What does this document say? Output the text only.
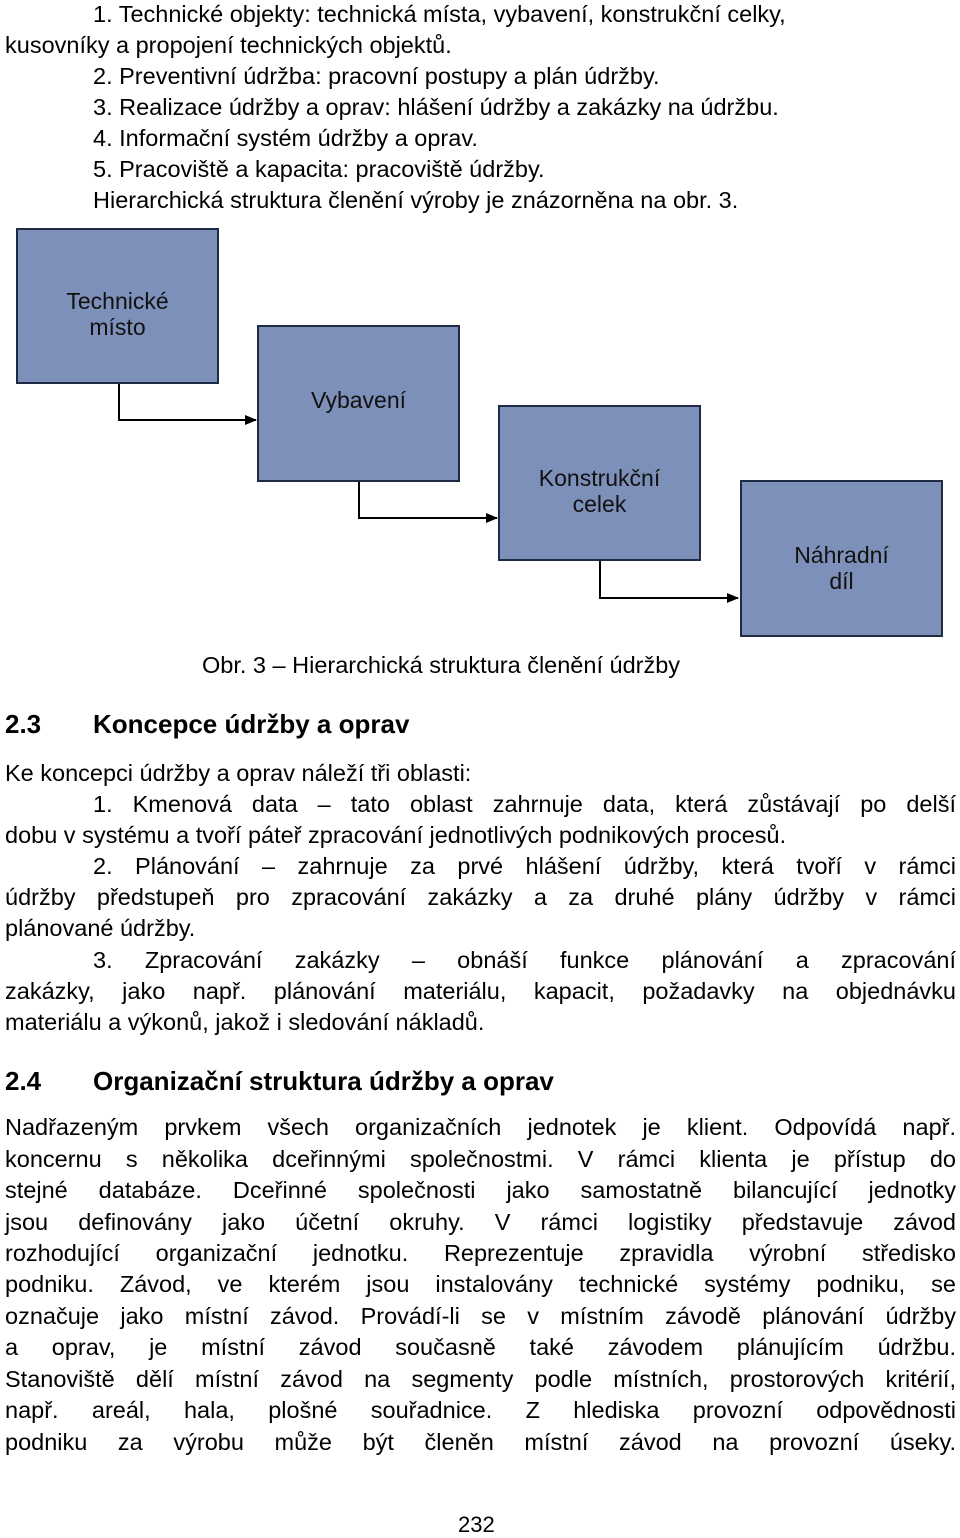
1. Technické objekty: technická místa, vybavení, konstrukční celky,
kusovníky a propojení technických objektů.
2. Preventivní údržba: pracovní postupy a plán údržby.
3. Realizace údržby a oprav: hlášení údržby a zakázky na údržbu.
4. Informační systém údržby a oprav.
5. Pracoviště a kapacita: pracoviště údržby.
Hierarchická struktura členění výroby je znázorněna na obr. 3.
Technické
místo
Vybavení
Konstrukční
celek
Náhradní
díl
Obr. 3 – Hierarchická struktura členění údržby
2.3 Koncepce údržby a oprav
Ke koncepci údržby a oprav náleží tři oblasti:
1. Kmenová data – tato oblast zahrnuje data, která zůstávají po delší
dobu v systému a tvoří páteř zpracování jednotlivých podnikových procesů.
2. Plánování – zahrnuje za prvé hlášení údržby, která tvoří v rámci
údržby předstupeň pro zpracování zakázky a za druhé plány údržby v rámci
plánované údržby.
3. Zpracování zakázky – obnáší funkce plánování a zpracování
zakázky, jako např. plánování materiálu, kapacit, požadavky na objednávku
materiálu a výkonů, jakož i sledování nákladů.
2.4 Organizační struktura údržby a oprav
Nadřazeným prvkem všech organizačních jednotek je klient. Odpovídá např.
koncernu s několika dceřinnými společnostmi. V rámci klienta je přístup do
stejné databáze. Dceřinné společnosti jako samostatně bilancující jednotky
jsou definovány jako účetní okruhy. V rámci logistiky představuje závod
rozhodující organizační jednotku. Reprezentuje zpravidla výrobní středisko
podniku. Závod, ve kterém jsou instalovány technické systémy podniku, se
označuje jako místní závod. Provádí-li se v místním závodě plánování údržby
a oprav, je místní závod současně také závodem plánujícím údržbu.
Stanoviště dělí místní závod na segmenty podle místních, prostorových kritérií,
např. areál, hala, plošné souřadnice. Z hlediska provozní odpovědnosti
podniku za výrobu může být členěn místní závod na provozní úseky.
232
